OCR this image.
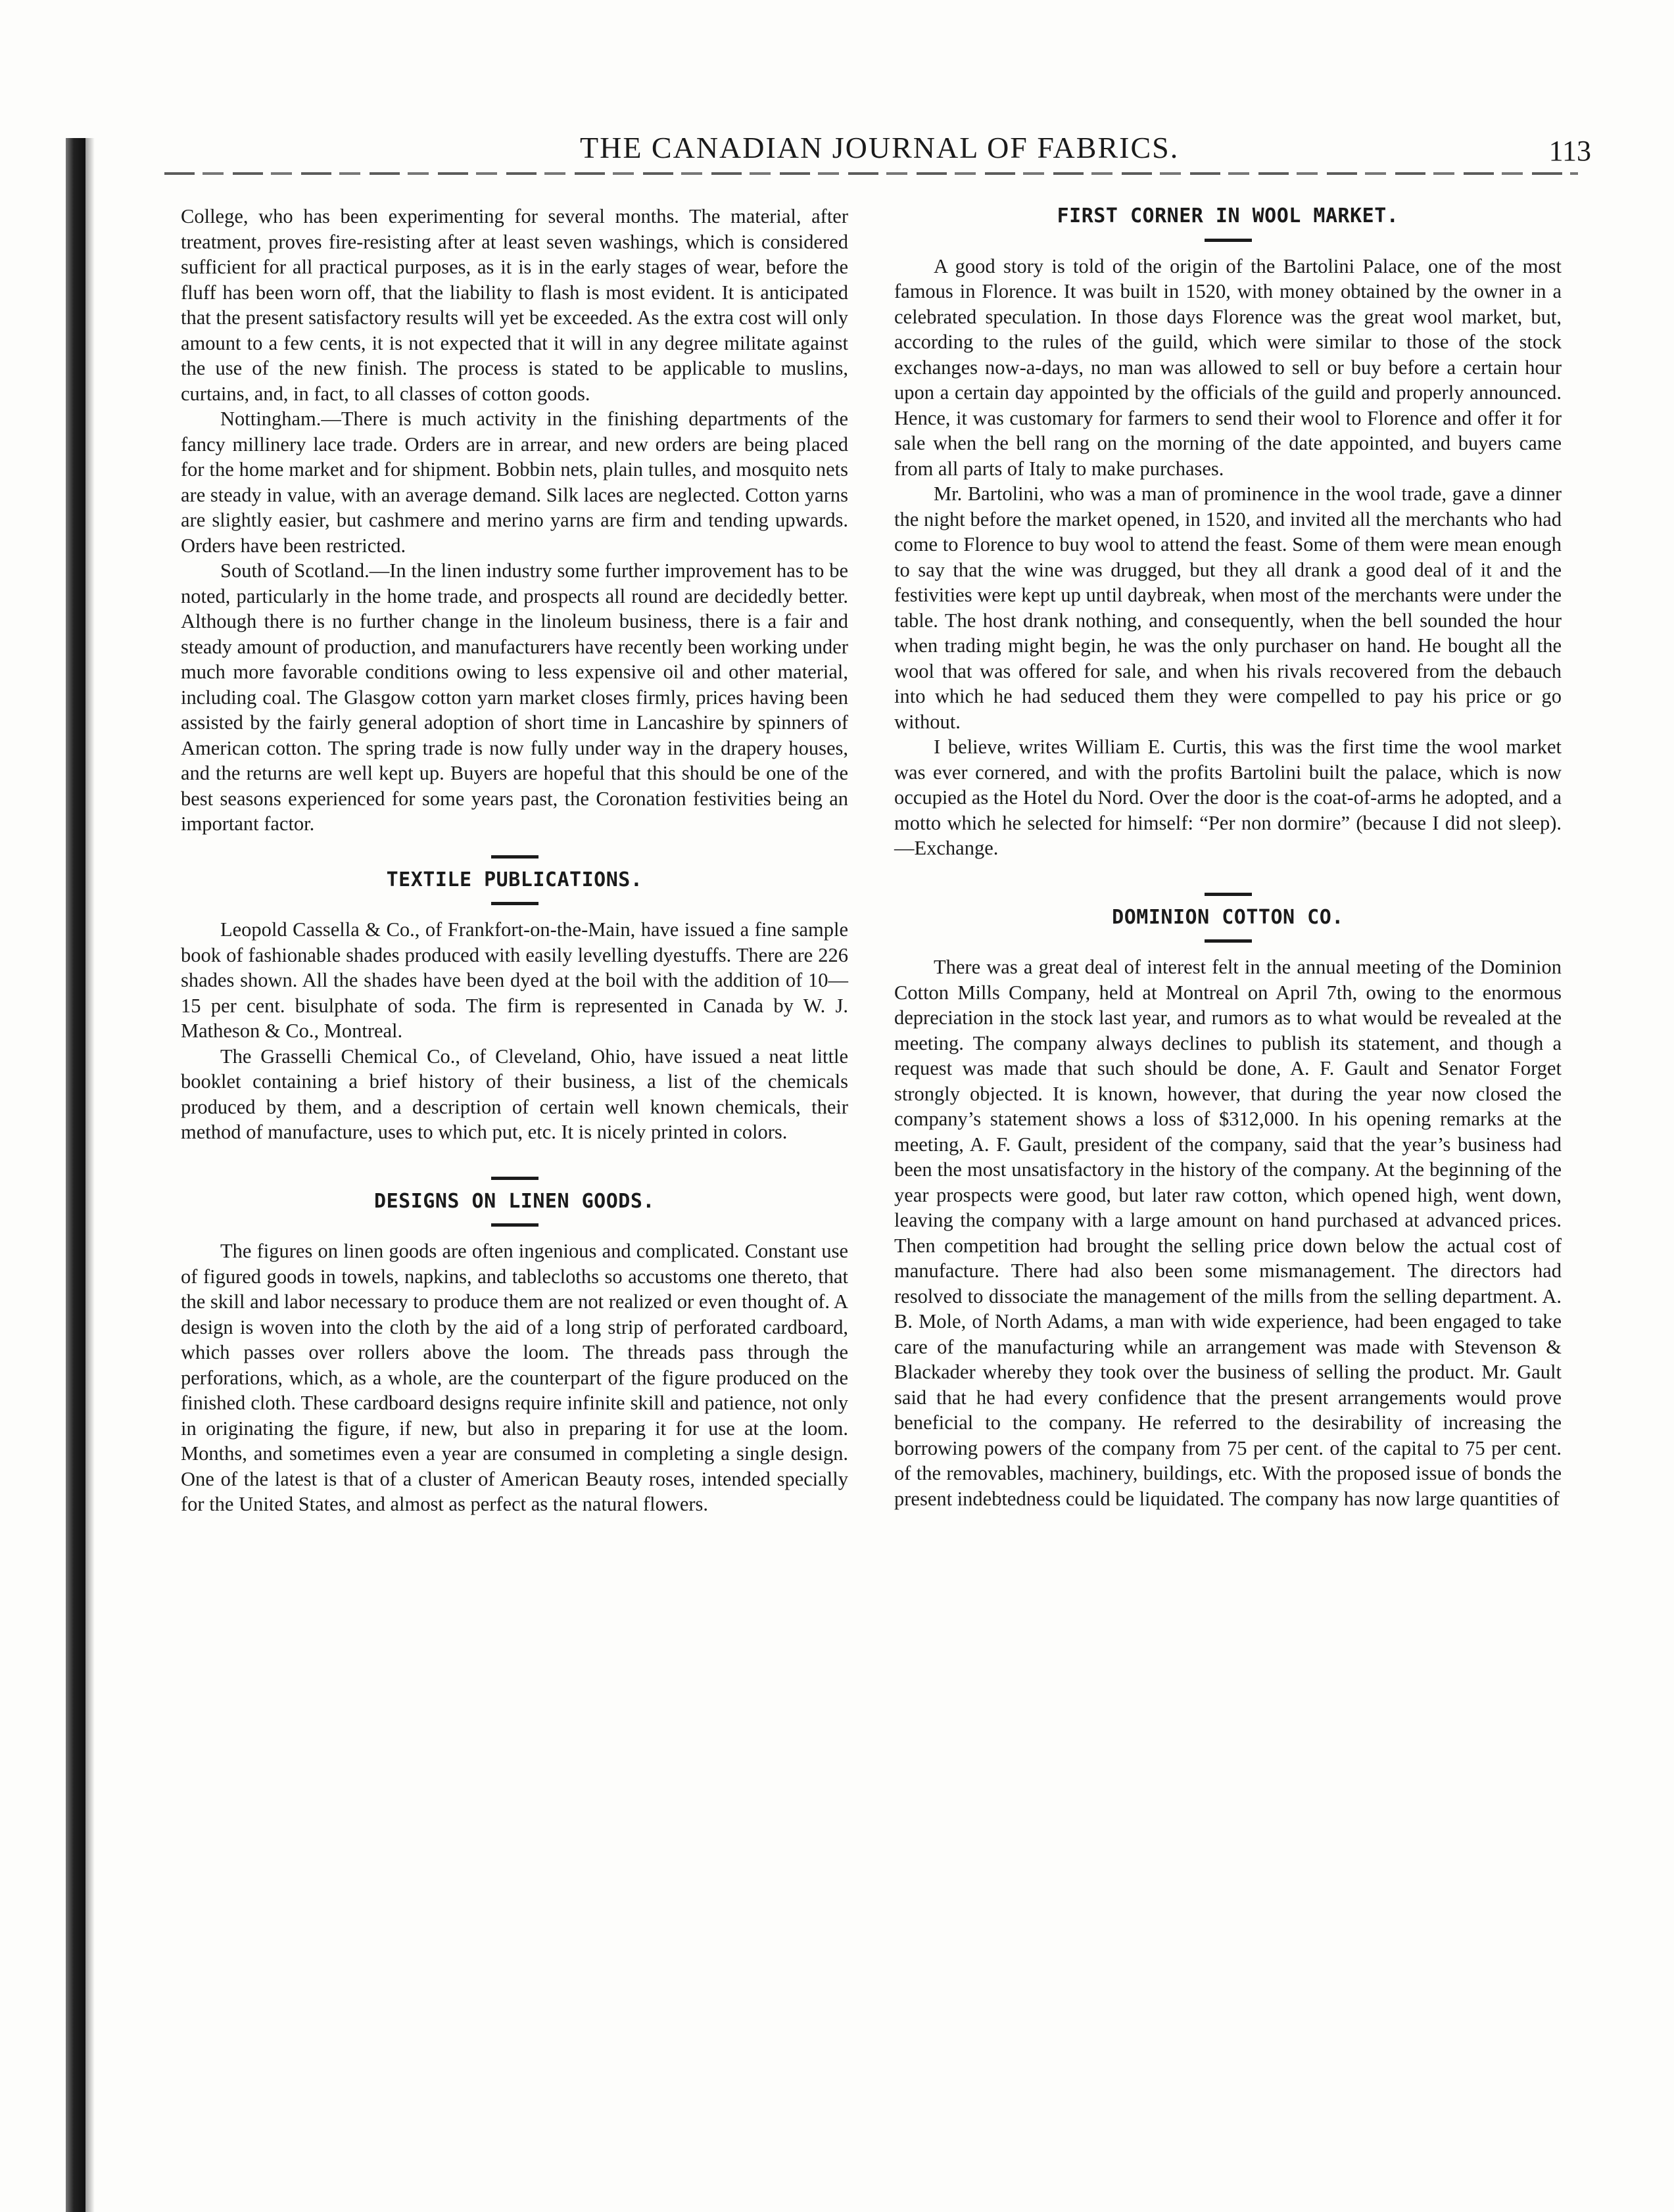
THE CANADIAN JOURNAL OF FABRICS.	113

College, who has been experimenting for several months. The material, after treatment, proves fire-resisting after at least seven washings, which is considered sufficient for all practical purposes, as it is in the early stages of wear, before the fluff has been worn off, that the liability to flash is most evident. It is anticipated that the present satisfactory results will yet be exceeded. As the extra cost will only amount to a few cents, it is not expected that it will in any degree militate against the use of the new finish. The process is stated to be applicable to muslins, curtains, and, in fact, to all classes of cotton goods.

Nottingham.—There is much activity in the finishing departments of the fancy millinery lace trade. Orders are in arrear, and new orders are being placed for the home market and for shipment. Bobbin nets, plain tulles, and mosquito nets are steady in value, with an average demand. Silk laces are neglected. Cotton yarns are slightly easier, but cashmere and merino yarns are firm and tending upwards. Orders have been restricted.

South of Scotland.—In the linen industry some further improvement has to be noted, particularly in the home trade, and prospects all round are decidedly better. Although there is no further change in the linoleum business, there is a fair and steady amount of production, and manufacturers have recently been working under much more favorable conditions owing to less expensive oil and other material, including coal. The Glasgow cotton yarn market closes firmly, prices having been assisted by the fairly general adoption of short time in Lancashire by spinners of American cotton. The spring trade is now fully under way in the drapery houses, and the returns are well kept up. Buyers are hopeful that this should be one of the best seasons experienced for some years past, the Coronation festivities being an important factor.

TEXTILE PUBLICATIONS.

Leopold Cassella & Co., of Frankfort-on-the-Main, have issued a fine sample book of fashionable shades produced with easily levelling dyestuffs. There are 226 shades shown. All the shades have been dyed at the boil with the addition of 10—15 per cent. bisulphate of soda. The firm is represented in Canada by W. J. Matheson & Co., Montreal.

The Grasselli Chemical Co., of Cleveland, Ohio, have issued a neat little booklet containing a brief history of their business, a list of the chemicals produced by them, and a description of certain well known chemicals, their method of manufacture, uses to which put, etc. It is nicely printed in colors.

DESIGNS ON LINEN GOODS.

The figures on linen goods are often ingenious and complicated. Constant use of figured goods in towels, napkins, and tablecloths so accustoms one thereto, that the skill and labor necessary to produce them are not realized or even thought of. A design is woven into the cloth by the aid of a long strip of perforated cardboard, which passes over rollers above the loom. The threads pass through the perforations, which, as a whole, are the counterpart of the figure produced on the finished cloth. These cardboard designs require infinite skill and patience, not only in originating the figure, if new, but also in preparing it for use at the loom. Months, and sometimes even a year are consumed in completing a single design. One of the latest is that of a cluster of American Beauty roses, intended specially for the United States, and almost as perfect as the natural flowers.

FIRST CORNER IN WOOL MARKET.

A good story is told of the origin of the Bartolini Palace, one of the most famous in Florence. It was built in 1520, with money obtained by the owner in a celebrated speculation. In those days Florence was the great wool market, but, according to the rules of the guild, which were similar to those of the stock exchanges now-a-days, no man was allowed to sell or buy before a certain hour upon a certain day appointed by the officials of the guild and properly announced. Hence, it was customary for farmers to send their wool to Florence and offer it for sale when the bell rang on the morning of the date appointed, and buyers came from all parts of Italy to make purchases.

Mr. Bartolini, who was a man of prominence in the wool trade, gave a dinner the night before the market opened, in 1520, and invited all the merchants who had come to Florence to buy wool to attend the feast. Some of them were mean enough to say that the wine was drugged, but they all drank a good deal of it and the festivities were kept up until daybreak, when most of the merchants were under the table. The host drank nothing, and consequently, when the bell sounded the hour when trading might begin, he was the only purchaser on hand. He bought all the wool that was offered for sale, and when his rivals recovered from the debauch into which he had seduced them they were compelled to pay his price or go without.

I believe, writes William E. Curtis, this was the first time the wool market was ever cornered, and with the profits Bartolini built the palace, which is now occupied as the Hotel du Nord. Over the door is the coat-of-arms he adopted, and a motto which he selected for himself: “Per non dormire” (because I did not sleep).—Exchange.

DOMINION COTTON CO.

There was a great deal of interest felt in the annual meeting of the Dominion Cotton Mills Company, held at Montreal on April 7th, owing to the enormous depreciation in the stock last year, and rumors as to what would be revealed at the meeting. The company always declines to publish its statement, and though a request was made that such should be done, A. F. Gault and Senator Forget strongly objected. It is known, however, that during the year now closed the company’s statement shows a loss of $312,000. In his opening remarks at the meeting, A. F. Gault, president of the company, said that the year’s business had been the most unsatisfactory in the history of the company. At the beginning of the year prospects were good, but later raw cotton, which opened high, went down, leaving the company with a large amount on hand purchased at advanced prices. Then competition had brought the selling price down below the actual cost of manufacture. There had also been some mismanagement. The directors had resolved to dissociate the management of the mills from the selling department. A. B. Mole, of North Adams, a man with wide experience, had been engaged to take care of the manufacturing while an arrangement was made with Stevenson & Blackader whereby they took over the business of selling the product. Mr. Gault said that he had every confidence that the present arrangements would prove beneficial to the company. He referred to the desirability of increasing the borrowing powers of the company from 75 per cent. of the capital to 75 per cent. of the removables, machinery, buildings, etc. With the proposed issue of bonds the present indebtedness could be liquidated. The company has now large quantities of
